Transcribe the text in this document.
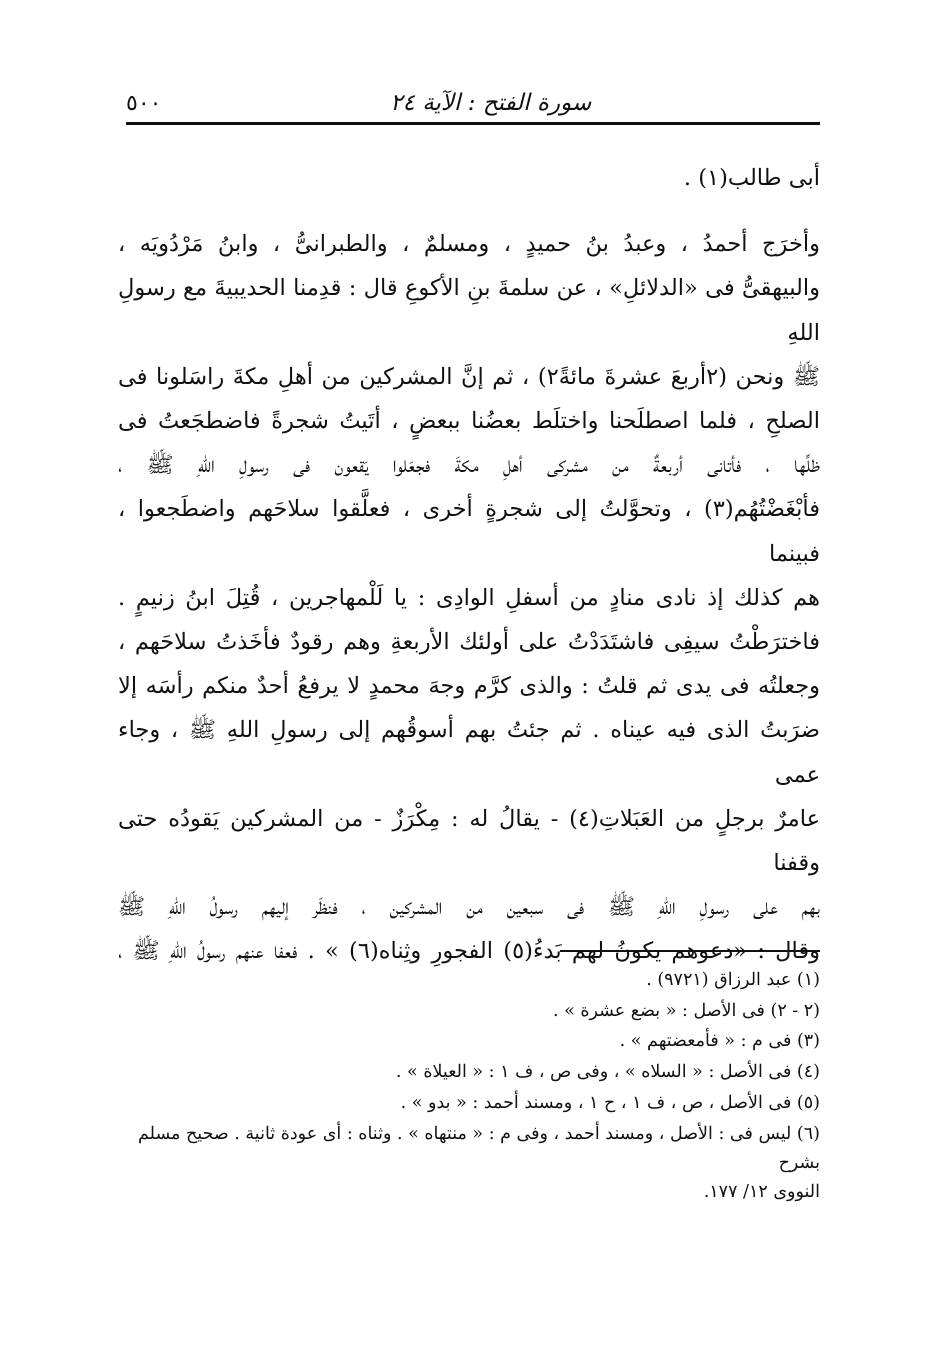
سورة الفتح : الآية ٢٤
٥٠٠

أبى طالب(١) .

وأخرَج أحمدُ ، وعبدُ بنُ حميدٍ ، ومسلمٌ ، والطبرانىُّ ، وابنُ مَرْدُويَه ،
والبيهقىُّ فى «الدلائلِ» ، عن سلمةَ بنِ الأكوعِ قال : قدِمنا الحديبيةَ مع رسولِ اللهِ
ﷺ ونحن (٢أربعَ عشرةَ مائةً٢) ، ثم إنَّ المشركين من أهلِ مكةَ راسَلونا فى
الصلحِ ، فلما اصطلَحنا واختلَط بعضُنا ببعضٍ ، أتَيتُ شجرةً فاضطجَعتُ فى
ظلِّها ، فأتانى أربعةٌ من مشركى أهلِ مكةَ فجعَلوا يَقعون فى رسولِ اللهِ ﷺ ،
فأبْغَضْتُهُم(٣) ، وتحوَّلتُ إلى شجرةٍ أخرى ، فعلَّقوا سلاحَهم واضطَجعوا ، فبينما
هم كذلك إذ نادى منادٍ من أسفلِ الوادِى : يا لَلْمهاجرين ، قُتِلَ ابنُ زنيمٍ .
فاخترَطْتُ سيفِى فاشتَدَدْتُ على أولئك الأربعةِ وهم رقودٌ فأخَذتُ سلاحَهم ،
وجعلتُه فى يدى ثم قلتُ : والذى كرَّم وجهَ محمدٍ لا يرفعُ أحدٌ منكم رأسَه إلا
ضرَبتُ الذى فيه عيناه . ثم جئتُ بهم أسوقُهم إلى رسولِ اللهِ ﷺ ، وجاء عمى
عامرٌ برجلٍ من العَبَلاتِ(٤) - يقالُ له : مِكْرَزٌ - من المشركين يَقودُه حتى وقفنا
بهم على رسولِ اللهِ ﷺ فى سبعين من المشركين ، فنظَر إليهم رسولُ اللهِ ﷺ
وقال : «دعوهم يكونُ لهم بَدءُ(٥) الفجورِ وثِناه(٦) » . فعفا عنهم رسولُ اللهِ ﷺ ،

(١) عبد الرزاق (٩٧٢١) .
(٢ - ٢) فى الأصل : « بضع عشرة » .
(٣) فى م : « فأمعضتهم » .
(٤) فى الأصل : « السلاه » ، وفى ص ، ف ١ : « العيلاة » .
(٥) فى الأصل ، ص ، ف ١ ، ح ١ ، ومسند أحمد : « بدو » .
(٦) ليس فى : الأصل ، ومسند أحمد ، وفى م : « منتهاه » . وثناه : أى عودة ثانية . صحيح مسلم بشرح
النووى ١٢/ ١٧٧.
